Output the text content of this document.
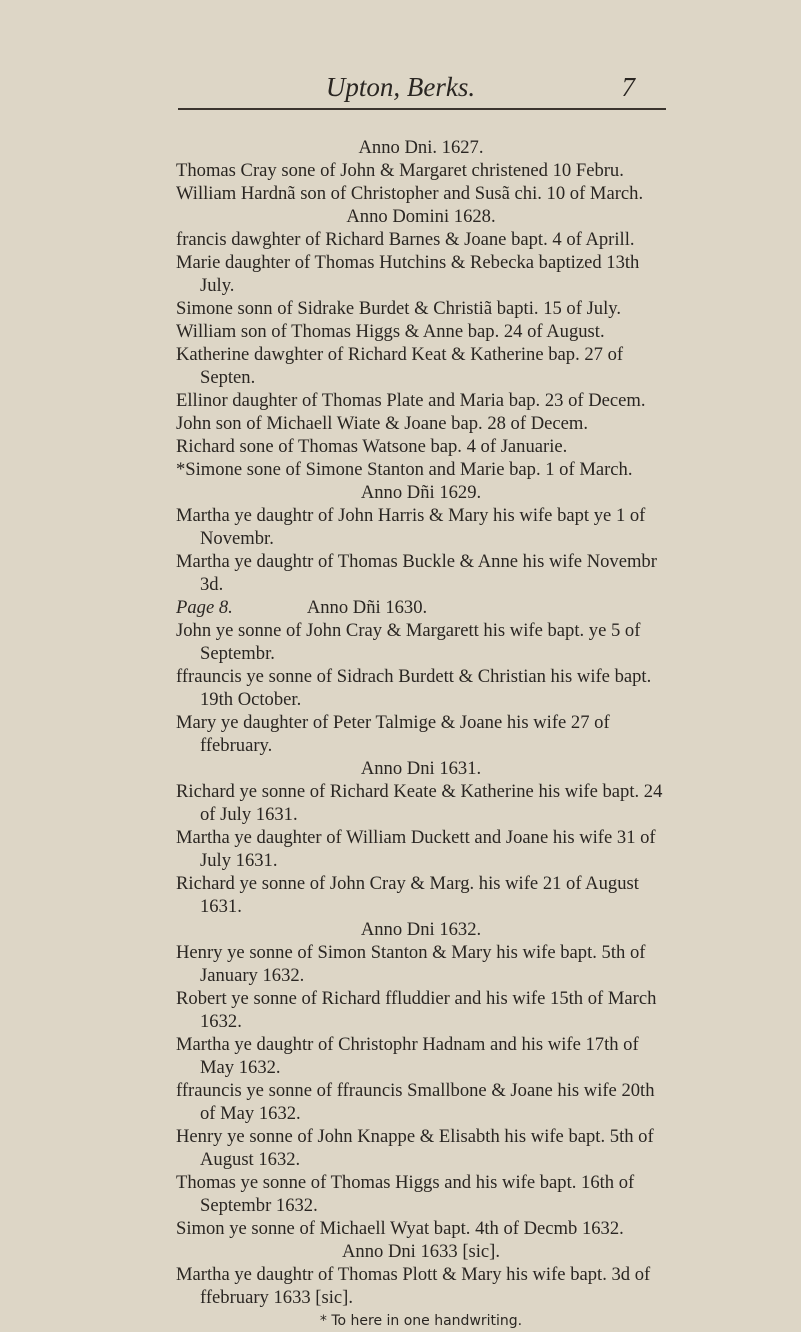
Upton, Berks.	7
Anno Dni. 1627.
Thomas Cray sone of John & Margaret christened 10 Febru.
William Hardnã son of Christopher and Susã chi. 10 of March.
Anno Domini 1628.
francis dawghter of Richard Barnes & Joane bapt. 4 of Aprill.
Marie daughter of Thomas Hutchins & Rebecka baptized 13th July.
Simone sonn of Sidrake Burdet & Christiã bapti. 15 of July.
William son of Thomas Higgs & Anne bap. 24 of August.
Katherine dawghter of Richard Keat & Katherine bap. 27 of Septen.
Ellinor daughter of Thomas Plate and Maria bap. 23 of Decem.
John son of Michaell Wiate & Joane bap. 28 of Decem.
Richard sone of Thomas Watsone bap. 4 of Januarie.
*Simone sone of Simone Stanton and Marie bap. 1 of March.
Anno Dñi 1629.
Martha ye daughtr of John Harris & Mary his wife bapt ye 1 of Novembr.
Martha ye daughtr of Thomas Buckle & Anne his wife Novembr 3d.
Page 8.	Anno Dñi 1630.
John ye sonne of John Cray & Margarett his wife bapt. ye 5 of Septembr.
ffrauncis ye sonne of Sidrach Burdett & Christian his wife bapt. 19th October.
Mary ye daughter of Peter Talmige & Joane his wife 27 of ffebruary.
Anno Dni 1631.
Richard ye sonne of Richard Keate & Katherine his wife bapt. 24 of July 1631.
Martha ye daughter of William Duckett and Joane his wife 31 of July 1631.
Richard ye sonne of John Cray & Marg. his wife 21 of August 1631.
Anno Dni 1632.
Henry ye sonne of Simon Stanton & Mary his wife bapt. 5th of January 1632.
Robert ye sonne of Richard ffluddier and his wife 15th of March 1632.
Martha ye daughtr of Christophr Hadnam and his wife 17th of May 1632.
ffrauncis ye sonne of ffrauncis Smallbone & Joane his wife 20th of May 1632.
Henry ye sonne of John Knappe & Elisabth his wife bapt. 5th of August 1632.
Thomas ye sonne of Thomas Higgs and his wife bapt. 16th of Septembr 1632.
Simon ye sonne of Michaell Wyat bapt. 4th of Decmb 1632.
Anno Dni 1633 [sic].
Martha ye daughtr of Thomas Plott & Mary his wife bapt. 3d of ffebruary 1633 [sic].
* To here in one handwriting.
